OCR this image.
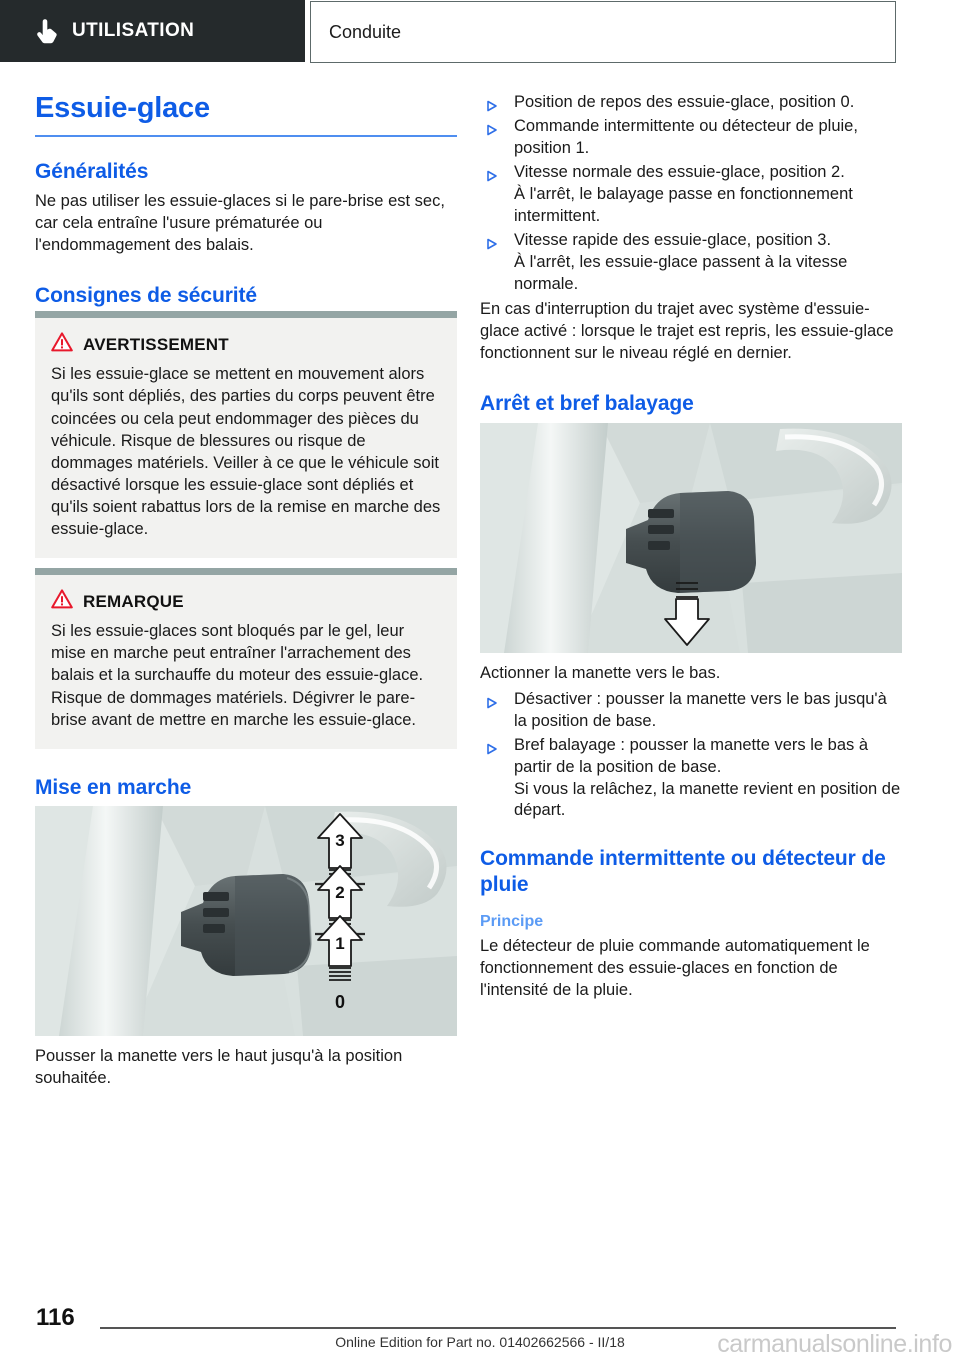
UTILISATION	Conduite
Essuie-glace
Généralités

Ne pas utiliser les essuie-glaces si le pare-brise est sec, car cela entraîne l'usure prématurée ou l'endommagement des balais.

Consignes de sécurité
AVERTISSEMENT
Si les essuie-glace se mettent en mouvement alors qu'ils sont dépliés, des parties du corps peuvent être coincées ou cela peut endommager des pièces du véhicule. Risque de blessures ou risque de dommages matériels. Veiller à ce que le véhicule soit désactivé lorsque les essuie-glace sont dépliés et qu'ils soient rabattus lors de la remise en marche des essuie-glace.
REMARQUE
Si les essuie-glaces sont bloqués par le gel, leur mise en marche peut entraîner l'arrachement des balais et la surchauffe du moteur des essuie-glace. Risque de dommages matériels. Dégivrer le pare-brise avant de mettre en marche les essuie-glace.
Mise en marche
3
2
1
0
Pousser la manette vers le haut jusqu'à la position souhaitée.
Position de repos des essuie-glace, position 0.
Commande intermittente ou détecteur de pluie, position 1.
Vitesse normale des essuie-glace, position 2.
À l'arrêt, le balayage passe en fonctionnement intermittent.
Vitesse rapide des essuie-glace, position 3.
À l'arrêt, les essuie-glace passent à la vitesse normale.

En cas d'interruption du trajet avec système d'essuie-glace activé : lorsque le trajet est repris, les essuie-glace fonctionnent sur le niveau réglé en dernier.

Arrêt et bref balayage
Actionner la manette vers le bas.
Désactiver : pousser la manette vers le bas jusqu'à la position de base.
Bref balayage : pousser la manette vers le bas à partir de la position de base.
Si vous la relâchez, la manette revient en position de départ.
Commande intermittente ou détecteur de pluie
Principe

Le détecteur de pluie commande automatiquement le fonctionnement des essuie-glaces en fonction de l'intensité de la pluie.

116
Online Edition for Part no. 01402662566 - II/18	carmanualsonline.info
